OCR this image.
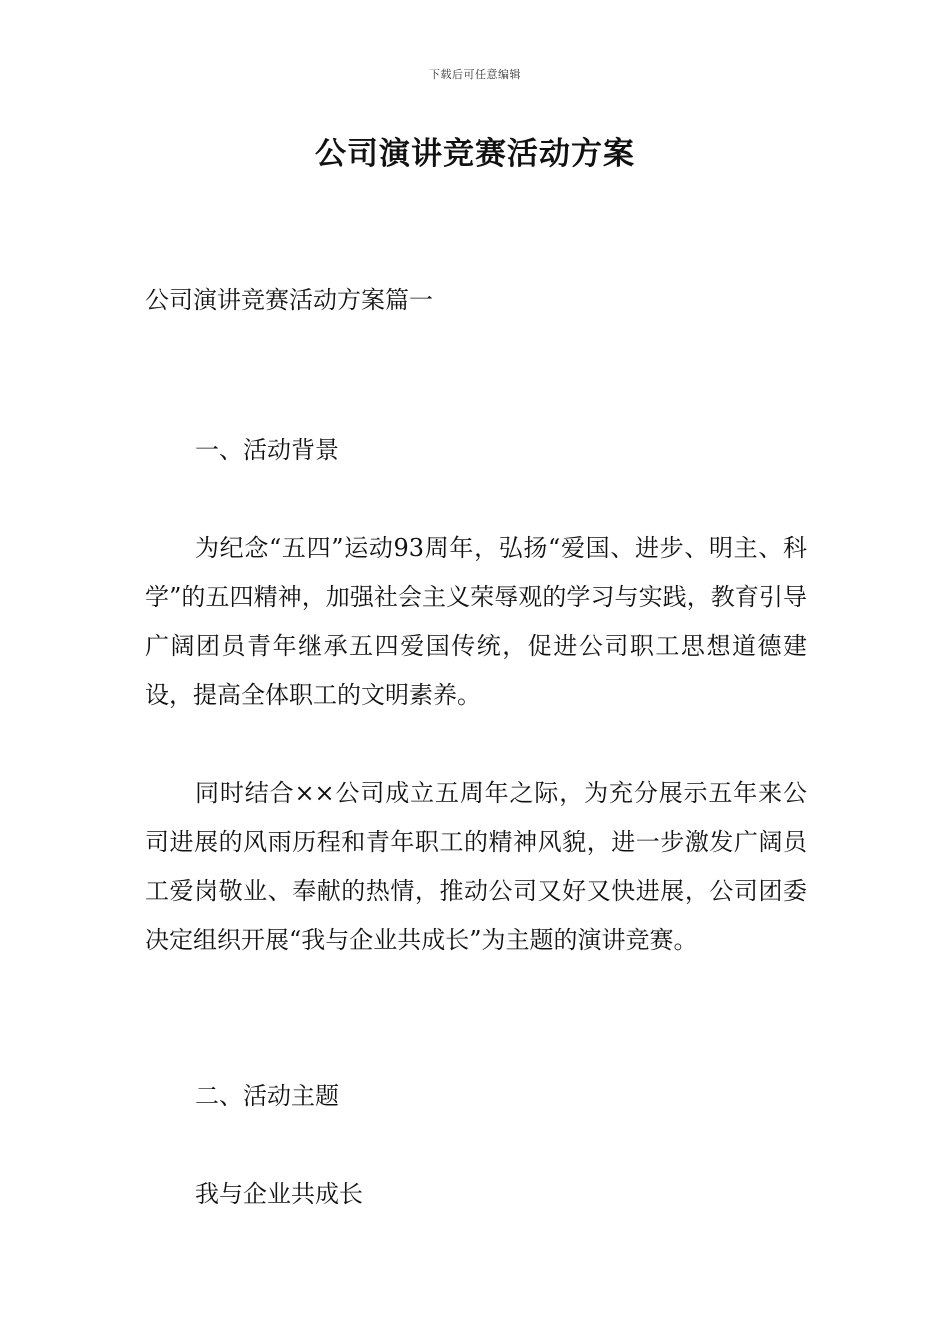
下载后可任意编辑
公司演讲竞赛活动方案
公司演讲竞赛活动方案篇一
一、活动背景

为纪念“五四”运动93周年，弘扬“爱国、进步、明主、科学”的五四精神，加强社会主义荣辱观的学习与实践，教育引导广阔团员青年继承五四爱国传统，促进公司职工思想道德建设，提高全体职工的文明素养。

同时结合××公司成立五周年之际，为充分展示五年来公司进展的风雨历程和青年职工的精神风貌，进一步激发广阔员工爱岗敬业、奉献的热情，推动公司又好又快进展，公司团委决定组织开展“我与企业共成长”为主题的演讲竞赛。

二、活动主题

我与企业共成长
